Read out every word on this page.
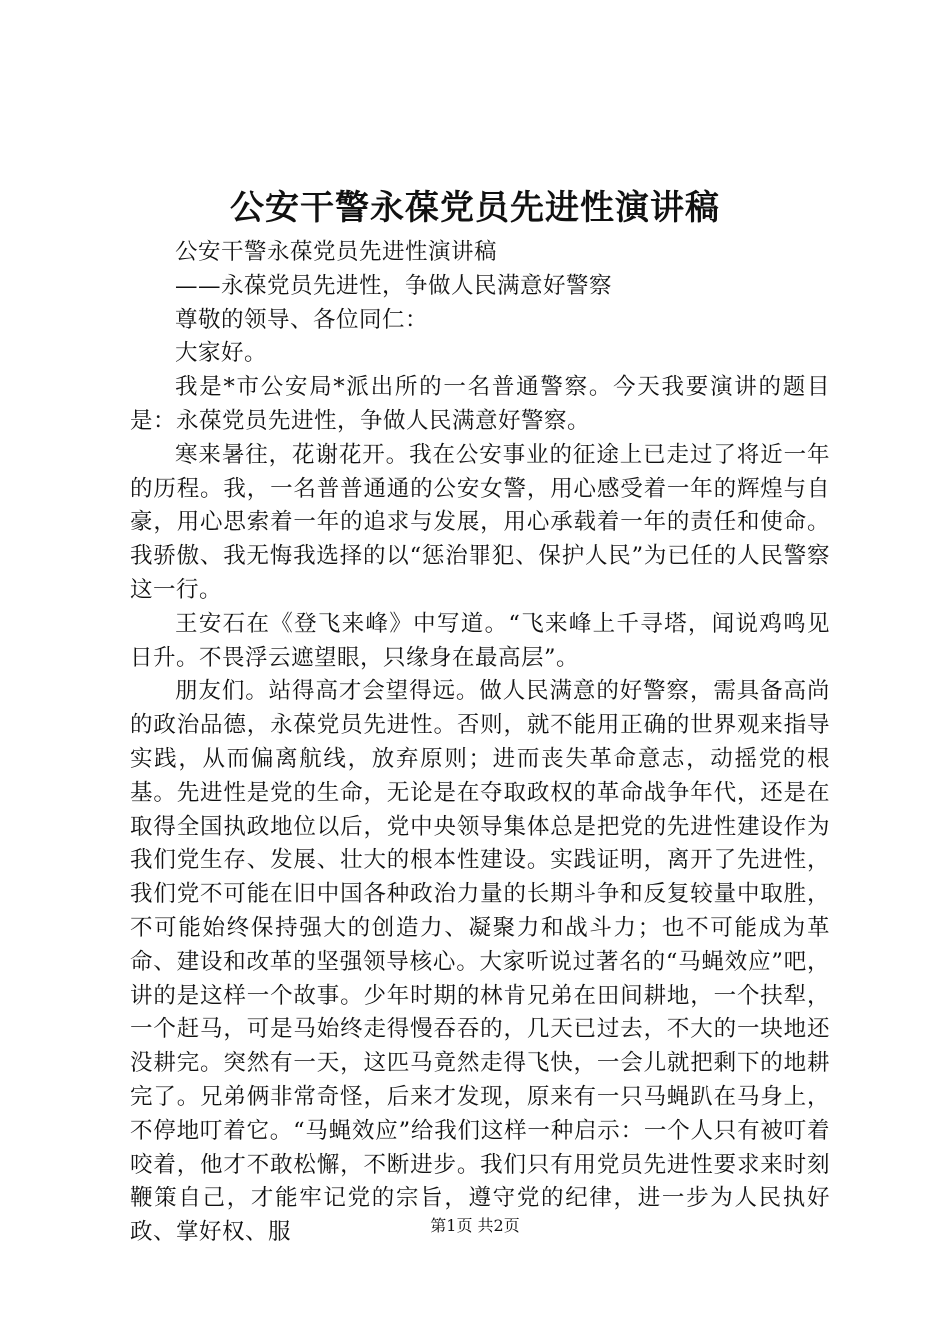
公安干警永葆党员先进性演讲稿

公安干警永葆党员先进性演讲稿

——永葆党员先进性，争做人民满意好警察

尊敬的领导、各位同仁：

大家好。

我是*市公安局*派出所的一名普通警察。今天我要演讲的题目是：永葆党员先进性，争做人民满意好警察。

寒来暑往，花谢花开。我在公安事业的征途上已走过了将近一年的历程。我，一名普普通通的公安女警，用心感受着一年的辉煌与自豪，用心思索着一年的追求与发展，用心承载着一年的责任和使命。我骄傲、我无悔我选择的以“惩治罪犯、保护人民”为已任的人民警察这一行。

王安石在《登飞来峰》中写道。“飞来峰上千寻塔，闻说鸡鸣见日升。不畏浮云遮望眼，只缘身在最高层”。

朋友们。站得高才会望得远。做人民满意的好警察，需具备高尚的政治品德，永葆党员先进性。否则，就不能用正确的世界观来指导实践，从而偏离航线，放弃原则；进而丧失革命意志，动摇党的根基。先进性是党的生命，无论是在夺取政权的革命战争年代，还是在取得全国执政地位以后，党中央领导集体总是把党的先进性建设作为我们党生存、发展、壮大的根本性建设。实践证明，离开了先进性，我们党不可能在旧中国各种政治力量的长期斗争和反复较量中取胜，不可能始终保持强大的创造力、凝聚力和战斗力；也不可能成为革命、建设和改革的坚强领导核心。大家听说过著名的“马蝇效应”吧，讲的是这样一个故事。少年时期的林肯兄弟在田间耕地，一个扶犁，一个赶马，可是马始终走得慢吞吞的，几天已过去，不大的一块地还没耕完。突然有一天，这匹马竟然走得飞快，一会儿就把剩下的地耕完了。兄弟俩非常奇怪，后来才发现，原来有一只马蝇趴在马身上，不停地叮着它。“马蝇效应”给我们这样一种启示：一个人只有被叮着咬着，他才不敢松懈，不断进步。我们只有用党员先进性要求来时刻鞭策自己，才能牢记党的宗旨，遵守党的纪律，进一步为人民执好政、掌好权、服	第1页 共2页
